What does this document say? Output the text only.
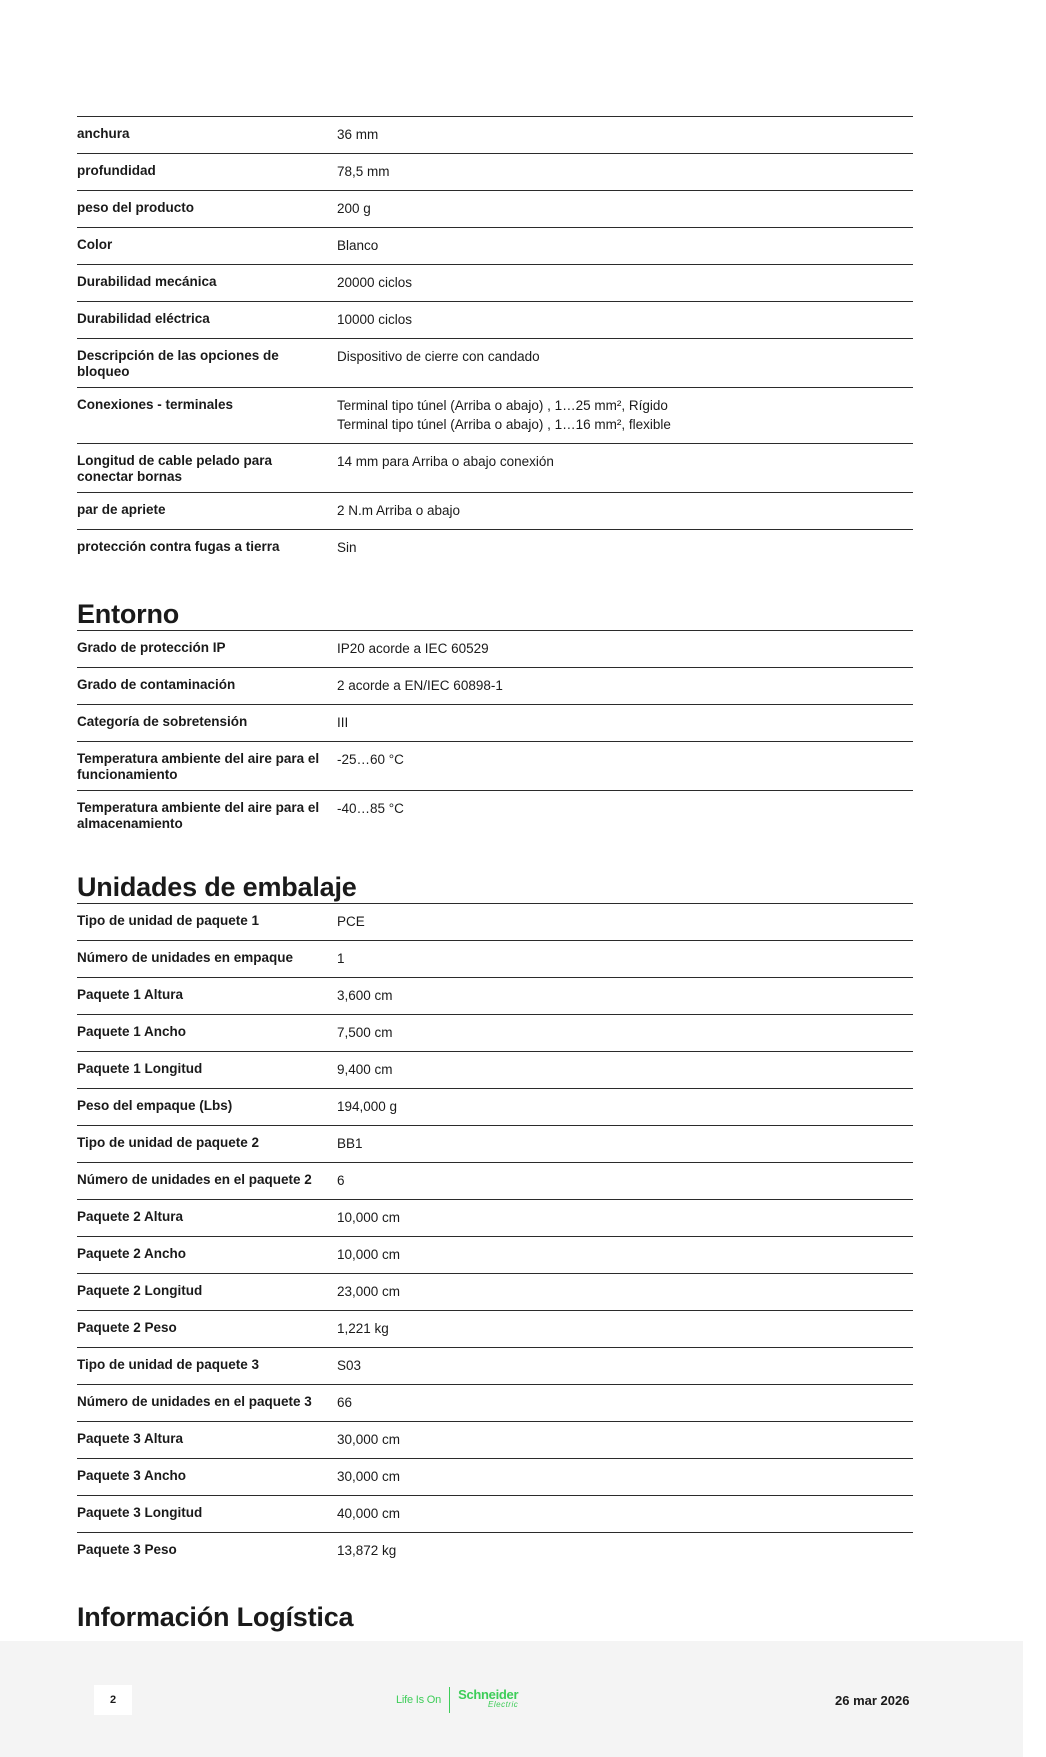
anchura	36 mm

profundidad	78,5 mm

peso del producto	200 g

Color	Blanco

Durabilidad mecánica	20000 ciclos

Durabilidad eléctrica	10000 ciclos

Descripción de las opciones de bloqueo	Dispositivo de cierre con candado

Conexiones - terminales	Terminal tipo túnel (Arriba o abajo) , 1…25 mm², Rígido
Terminal tipo túnel (Arriba o abajo) , 1…16 mm², flexible

Longitud de cable pelado para conectar bornas	14 mm para Arriba o abajo conexión

par de apriete	2 N.m Arriba o abajo

protección contra fugas a tierra	Sin
Entorno
Grado de protección IP	IP20 acorde a IEC 60529

Grado de contaminación	2 acorde a EN/IEC 60898-1

Categoría de sobretensión	III

Temperatura ambiente del aire para el funcionamiento	-25…60 °C

Temperatura ambiente del aire para el almacenamiento	-40…85 °C
Unidades de embalaje
Tipo de unidad de paquete 1	PCE

Número de unidades en empaque	1

Paquete 1 Altura	3,600 cm

Paquete 1 Ancho	7,500 cm

Paquete 1 Longitud	9,400 cm

Peso del empaque (Lbs)	194,000 g

Tipo de unidad de paquete 2	BB1

Número de unidades en el paquete 2	6

Paquete 2 Altura	10,000 cm

Paquete 2 Ancho	10,000 cm

Paquete 2 Longitud	23,000 cm

Paquete 2 Peso	1,221 kg

Tipo de unidad de paquete 3	S03

Número de unidades en el paquete 3	66

Paquete 3 Altura	30,000 cm

Paquete 3 Ancho	30,000 cm

Paquete 3 Longitud	40,000 cm

Paquete 3 Peso	13,872 kg
Información Logística
2	Life Is On Schneider
Electric	26 mar 2026
